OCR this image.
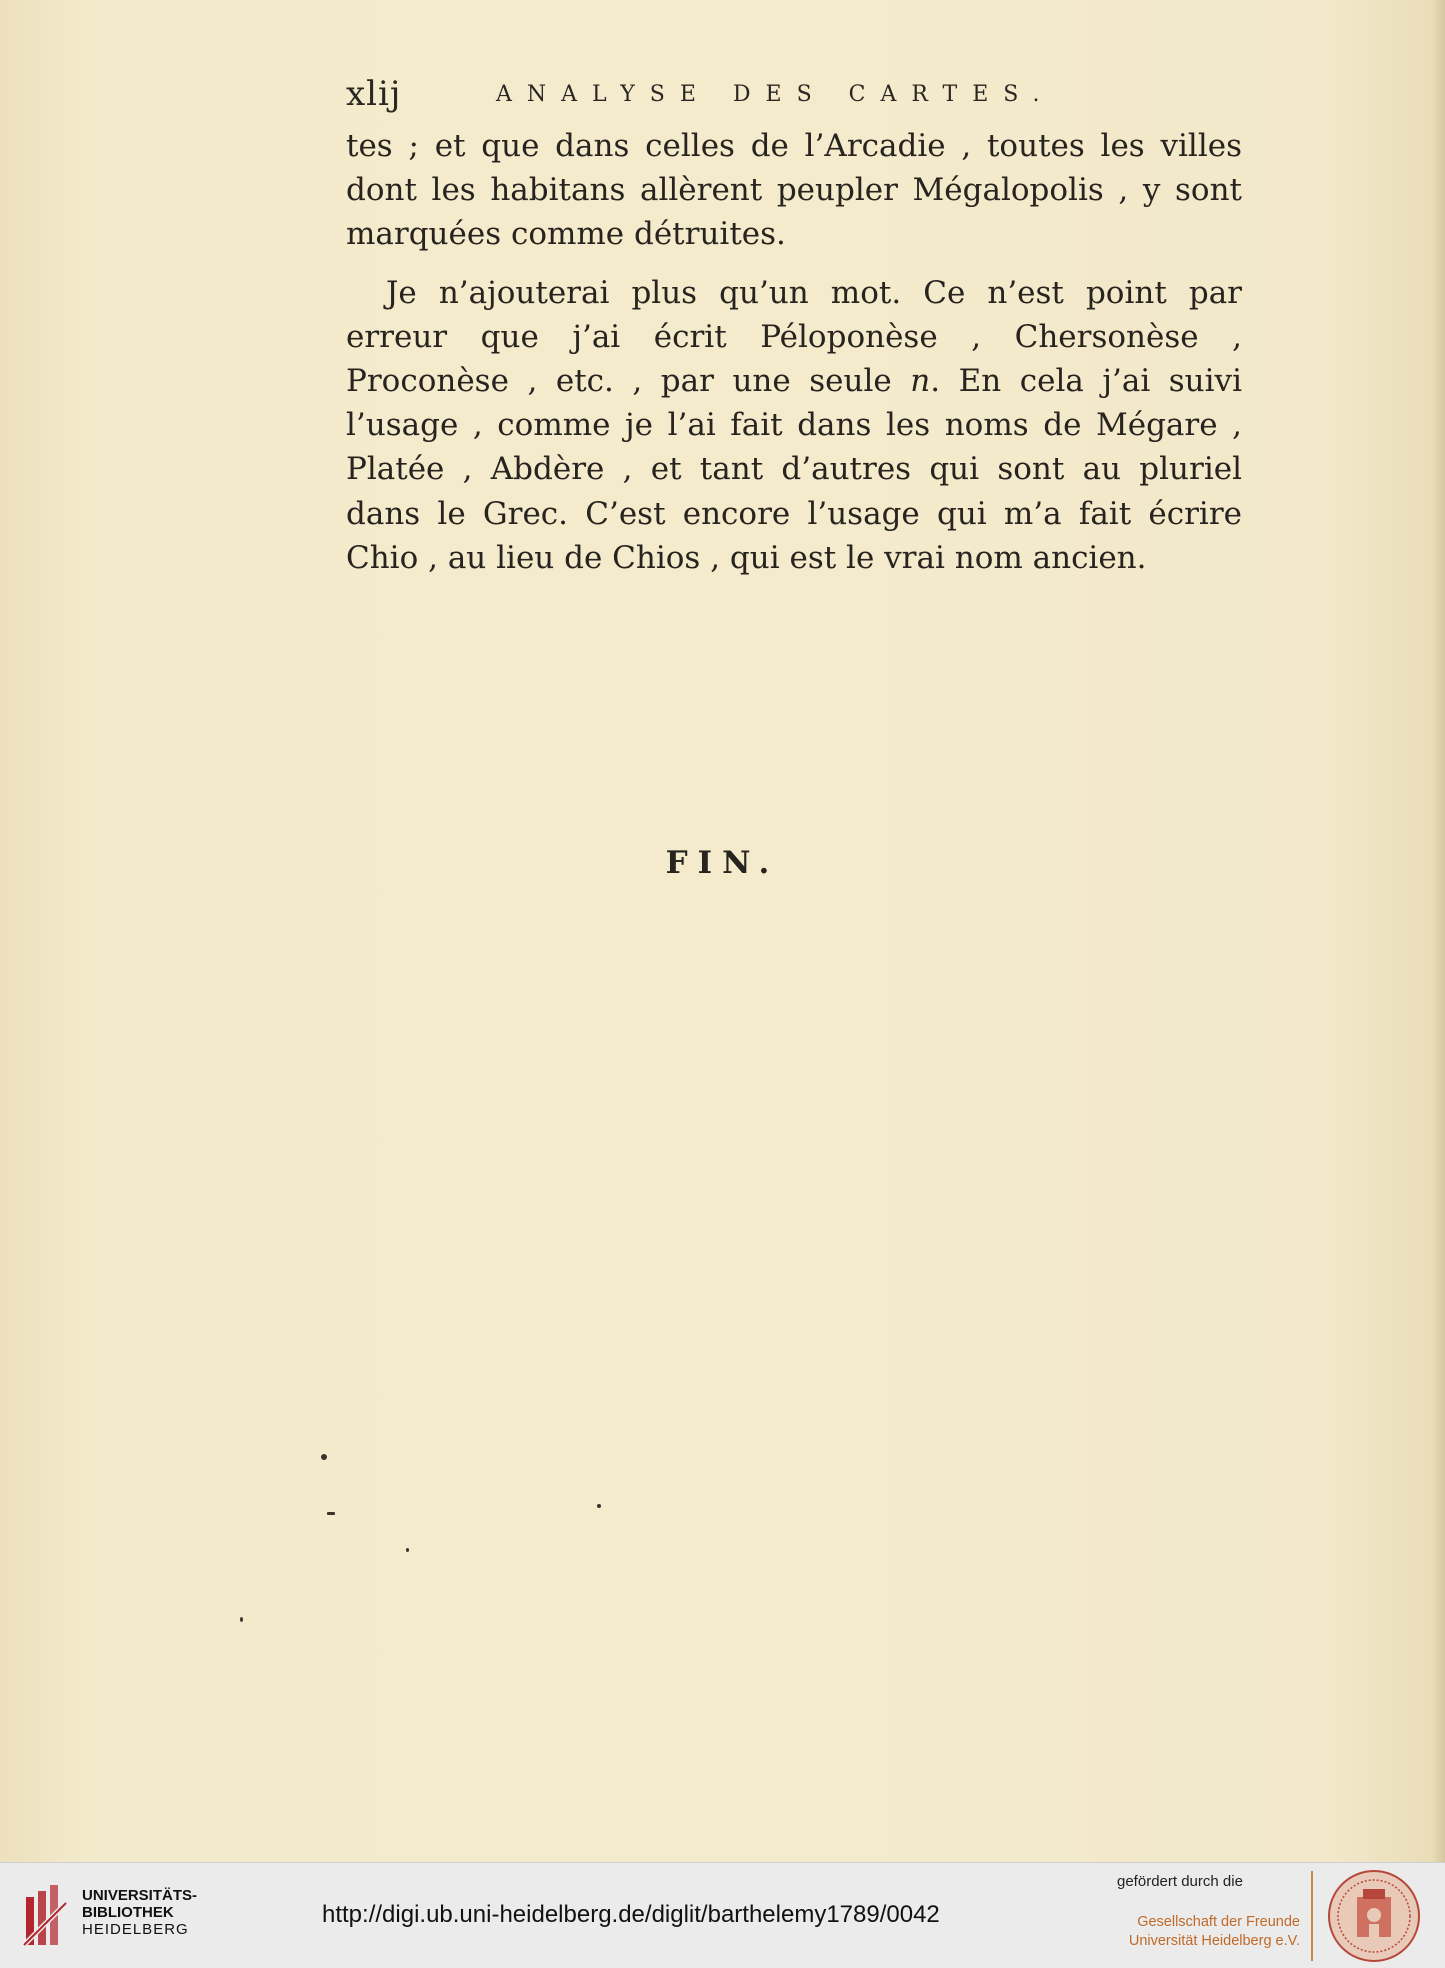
xlij	ANALYSE DES CARTES.

tes ; et que dans celles de l’Arcadie , toutes les villes dont les habitans allèrent peupler Mégalopolis , y sont marquées comme détruites.

Je n’ajouterai plus qu’un mot. Ce n’est point par erreur que j’ai écrit Péloponèse , Chersonèse , Proconèse , etc. , par une seule n. En cela j’ai suivi l’usage , comme je l’ai fait dans les noms de Mégare , Platée , Abdère , et tant d’autres qui sont au pluriel dans le Grec. C’est encore l’usage qui m’a fait écrire Chio , au lieu de Chios , qui est le vrai nom ancien.

FIN.
UNIVERSITÄTS-
BIBLIOTHEK
HEIDELBERG
http://digi.ub.uni-heidelberg.de/diglit/barthelemy1789/0042
gefördert durch die
Gesellschaft der Freunde
Universität Heidelberg e.V.
